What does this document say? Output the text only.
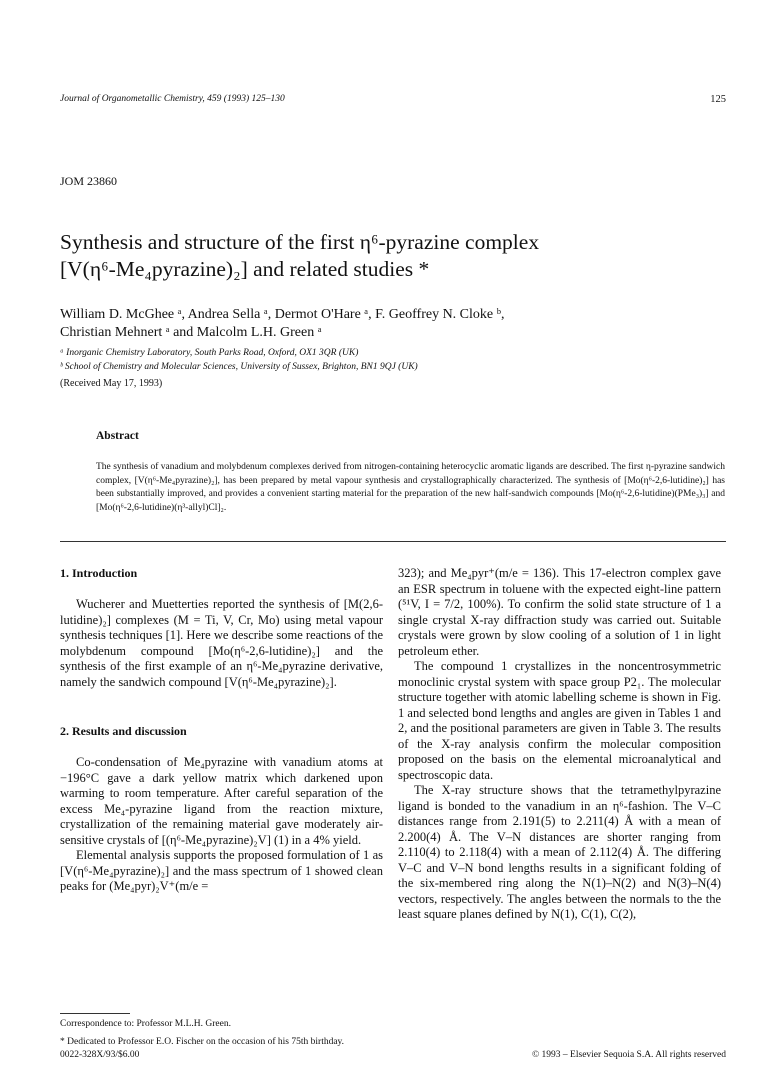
Journal of Organometallic Chemistry, 459 (1993) 125–130	125
JOM 23860
Synthesis and structure of the first η⁶-pyrazine complex
[V(η⁶-Me₄pyrazine)₂] and related studies *
William D. McGhee ᵃ, Andrea Sella ᵃ, Dermot O'Hare ᵃ, F. Geoffrey N. Cloke ᵇ,
Christian Mehnert ᵃ and Malcolm L.H. Green ᵃ
ᵃ Inorganic Chemistry Laboratory, South Parks Road, Oxford, OX1 3QR (UK)
ᵇ School of Chemistry and Molecular Sciences, University of Sussex, Brighton, BN1 9QJ (UK)
(Received May 17, 1993)
Abstract
The synthesis of vanadium and molybdenum complexes derived from nitrogen-containing heterocyclic aromatic ligands are described. The first η-pyrazine sandwich complex, [V(η⁶-Me₄pyrazine)₂], has been prepared by metal vapour synthesis and crystallographically characterized. The synthesis of [Mo(η⁶-2,6-lutidine)₂] has been substantially improved, and provides a convenient starting material for the preparation of the new half-sandwich compounds [Mo(η⁶-2,6-lutidine)(PMe₃)₃] and [Mo(η⁶-2,6-lutidine)(η³-allyl)Cl]₂.
1. Introduction

Wucherer and Muetterties reported the synthesis of [M(2,6-lutidine)₂] complexes (M = Ti, V, Cr, Mo) using metal vapour synthesis techniques [1]. Here we describe some reactions of the molybdenum compound [Mo(η⁶-2,6-lutidine)₂] and the synthesis of the first example of an η⁶-Me₄pyrazine derivative, namely the sandwich compound [V(η⁶-Me₄pyrazine)₂].

2. Results and discussion

Co-condensation of Me₄pyrazine with vanadium atoms at −196°C gave a dark yellow matrix which darkened upon warming to room temperature. After careful separation of the excess Me₄-pyrazine ligand from the reaction mixture, crystallization of the remaining material gave moderately air-sensitive crystals of [(η⁶-Me₄pyrazine)₂V] (1) in a 4% yield.

Elemental analysis supports the proposed formulation of 1 as [V(η⁶-Me₄pyrazine)₂] and the mass spectrum of 1 showed clean peaks for (Me₄pyr)₂V⁺(m/e =

323); and Me₄pyr⁺(m/e = 136). This 17-electron complex gave an ESR spectrum in toluene with the expected eight-line pattern (⁵¹V, I = 7/2, 100%). To confirm the solid state structure of 1 a single crystal X-ray diffraction study was carried out. Suitable crystals were grown by slow cooling of a solution of 1 in light petroleum ether.

The compound 1 crystallizes in the noncentrosymmetric monoclinic crystal system with space group P2₁. The molecular structure together with atomic labelling scheme is shown in Fig. 1 and selected bond lengths and angles are given in Tables 1 and 2, and the positional parameters are given in Table 3. The results of the X-ray analysis confirm the molecular composition proposed on the basis on the elemental microanalytical and spectroscopic data.

The X-ray structure shows that the tetramethylpyrazine ligand is bonded to the vanadium in an η⁶-fashion. The V–C distances range from 2.191(5) to 2.211(4) Å with a mean of 2.200(4) Å. The V–N distances are shorter ranging from 2.110(4) to 2.118(4) with a mean of 2.112(4) Å. The differing V–C and V–N bond lengths results in a significant folding of the six-membered ring along the N(1)–N(2) and N(3)–N(4) vectors, respectively. The angles between the normals to the the least square planes defined by N(1), C(1), C(2),

Correspondence to: Professor M.L.H. Green.
* Dedicated to Professor E.O. Fischer on the occasion of his 75th birthday.
0022-328X/93/$6.00	© 1993 – Elsevier Sequoia S.A. All rights reserved
